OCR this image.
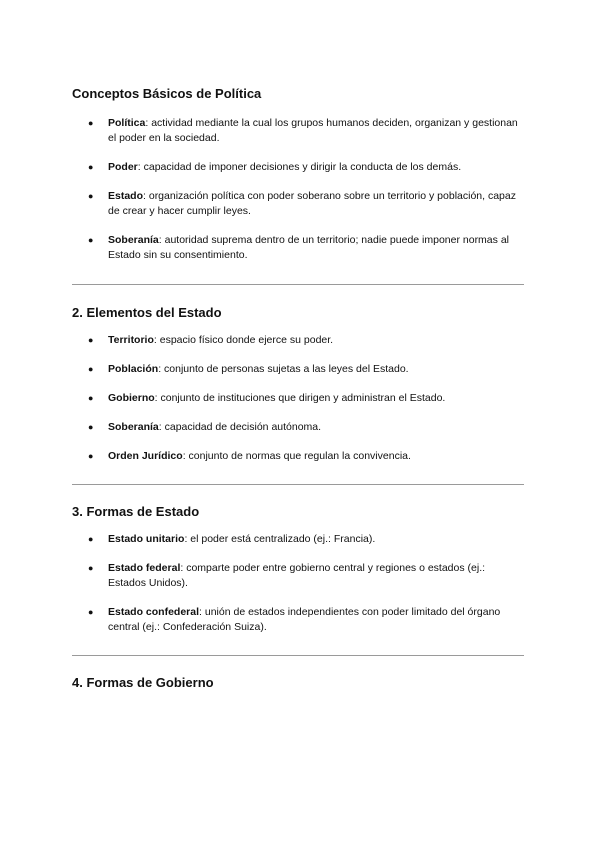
Conceptos Básicos de Política
● Política: actividad mediante la cual los grupos humanos deciden, organizan y gestionan el poder en la sociedad.
● Poder: capacidad de imponer decisiones y dirigir la conducta de los demás.
● Estado: organización política con poder soberano sobre un territorio y población, capaz de crear y hacer cumplir leyes.
● Soberanía: autoridad suprema dentro de un territorio; nadie puede imponer normas al Estado sin su consentimiento.
2. Elementos del Estado
● Territorio: espacio físico donde ejerce su poder.
● Población: conjunto de personas sujetas a las leyes del Estado.
● Gobierno: conjunto de instituciones que dirigen y administran el Estado.
● Soberanía: capacidad de decisión autónoma.
● Orden Jurídico: conjunto de normas que regulan la convivencia.
3. Formas de Estado
● Estado unitario: el poder está centralizado (ej.: Francia).
● Estado federal: comparte poder entre gobierno central y regiones o estados (ej.: Estados Unidos).
● Estado confederal: unión de estados independientes con poder limitado del órgano central (ej.: Confederación Suiza).
4. Formas de Gobierno
